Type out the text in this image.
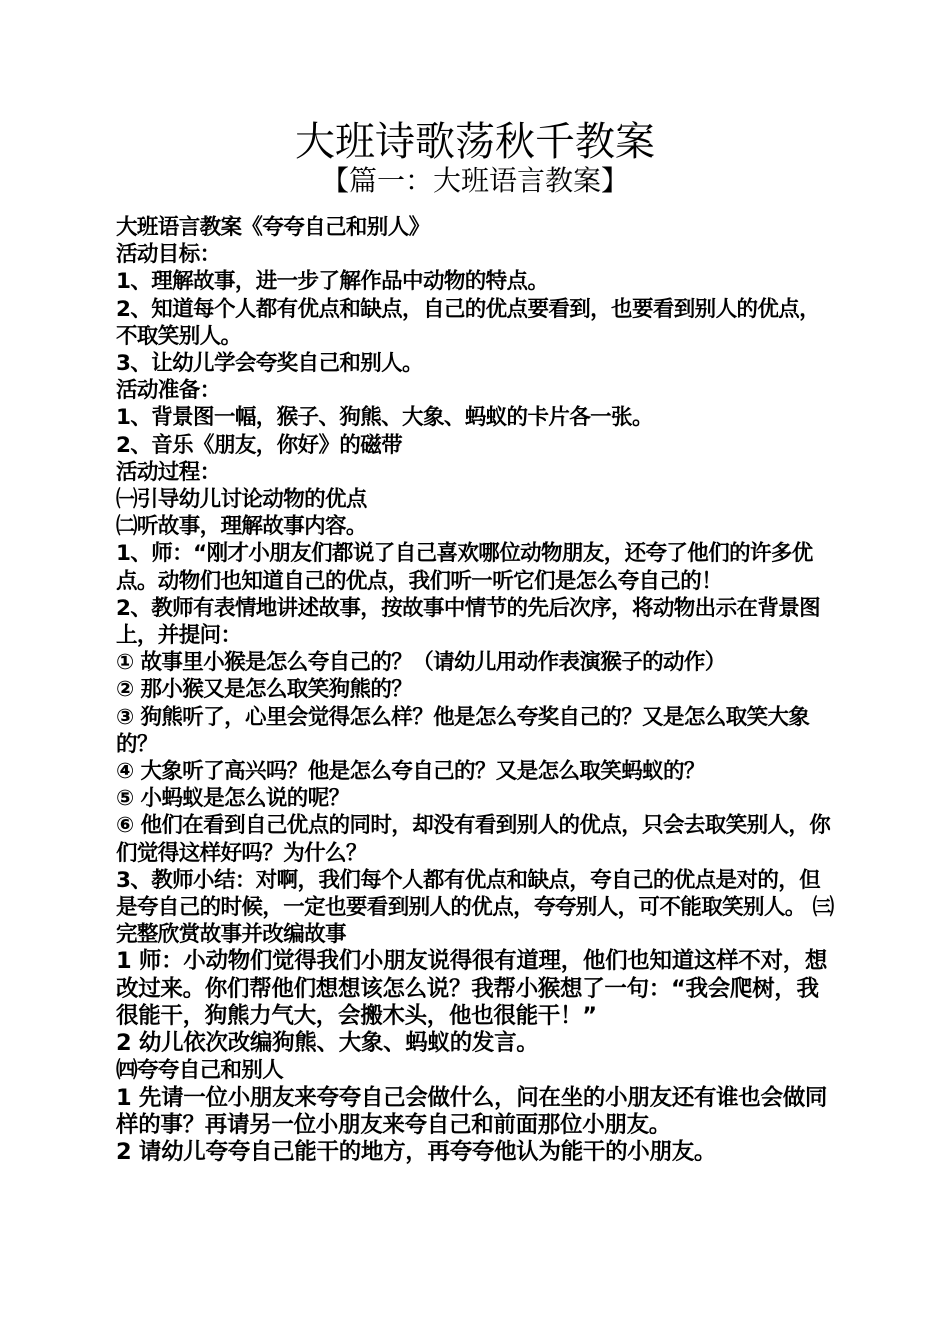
大班诗歌荡秋千教案
【篇一：大班语言教案】
大班语言教案《夸夸自己和别人》
活动目标：
1、理解故事，进一步了解作品中动物的特点。
2、知道每个人都有优点和缺点，自己的优点要看到，也要看到别人的优点，不取笑别人。
3、让幼儿学会夸奖自己和别人。
活动准备：
1、背景图一幅，猴子、狗熊、大象、蚂蚁的卡片各一张。
2、音乐《朋友，你好》的磁带
活动过程：
㈠引导幼儿讨论动物的优点
㈡听故事，理解故事内容。
1、师：“刚才小朋友们都说了自己喜欢哪位动物朋友，还夸了他们的许多优点。动物们也知道自己的优点，我们听一听它们是怎么夸自己的！
2、教师有表情地讲述故事，按故事中情节的先后次序，将动物出示在背景图上，并提问：
① 故事里小猴是怎么夸自己的？（请幼儿用动作表演猴子的动作）
② 那小猴又是怎么取笑狗熊的？
③ 狗熊听了，心里会觉得怎么样？他是怎么夸奖自己的？又是怎么取笑大象的？
④ 大象听了高兴吗？他是怎么夸自己的？又是怎么取笑蚂蚁的？
⑤ 小蚂蚁是怎么说的呢？
⑥ 他们在看到自己优点的同时，却没有看到别人的优点，只会去取笑别人，你们觉得这样好吗？为什么？
3、教师小结：对啊，我们每个人都有优点和缺点，夸自己的优点是对的，但是夸自己的时候，一定也要看到别人的优点，夸夸别人，可不能取笑别人。 ㈢完整欣赏故事并改编故事
1 师：小动物们觉得我们小朋友说得很有道理，他们也知道这样不对，想改过来。你们帮他们想想该怎么说？我帮小猴想了一句：“我会爬树，我很能干，狗熊力气大，会搬木头，他也很能干！”
2 幼儿依次改编狗熊、大象、蚂蚁的发言。
㈣夸夸自己和别人
1 先请一位小朋友来夸夸自己会做什么，问在坐的小朋友还有谁也会做同样的事？再请另一位小朋友来夸自己和前面那位小朋友。
2 请幼儿夸夸自己能干的地方，再夸夸他认为能干的小朋友。
